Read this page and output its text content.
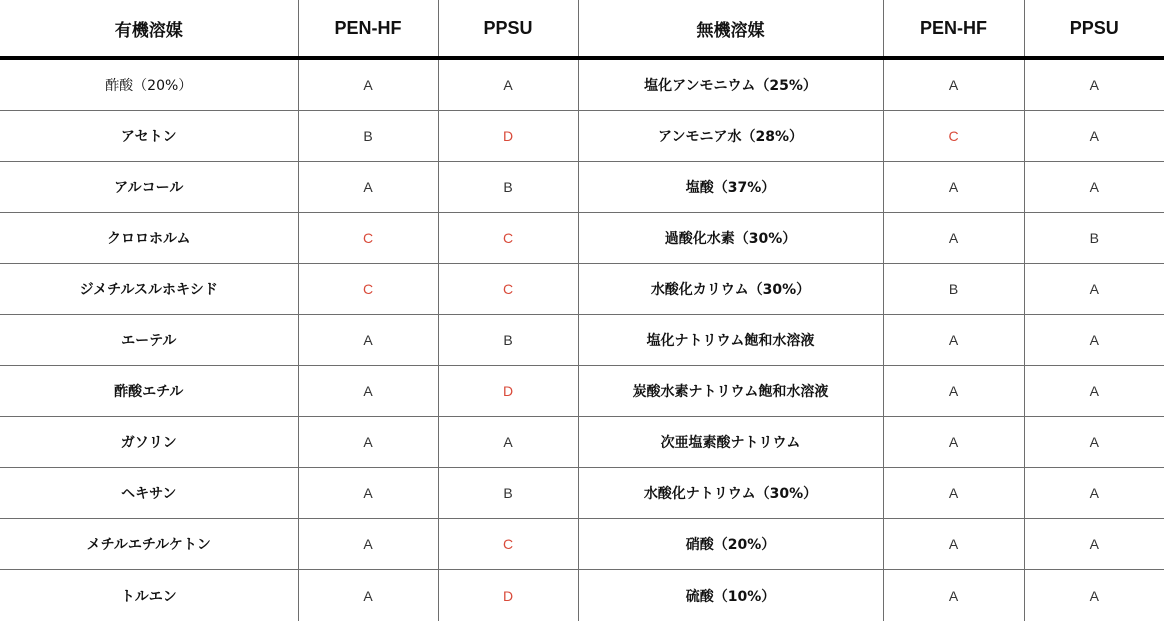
有機溶媒	PEN-HF	PPSU	無機溶媒	PEN-HF	PPSU
酢酸（20%）	A	A	塩化アンモニウム（25%）	A	A
アセトン	B	D	アンモニア水（28%）	C	A
アルコール	A	B	塩酸（37%）	A	A
クロロホルム	C	C	過酸化水素（30%）	A	B
ジメチルスルホキシド	C	C	水酸化カリウム（30%）	B	A
エーテル	A	B	塩化ナトリウム飽和水溶液	A	A
酢酸エチル	A	D	炭酸水素ナトリウム飽和水溶液	A	A
ガソリン	A	A	次亜塩素酸ナトリウム	A	A
ヘキサン	A	B	水酸化ナトリウム（30%）	A	A
メチルエチルケトン	A	C	硝酸（20%）	A	A
トルエン	A	D	硫酸（10%）	A	A
